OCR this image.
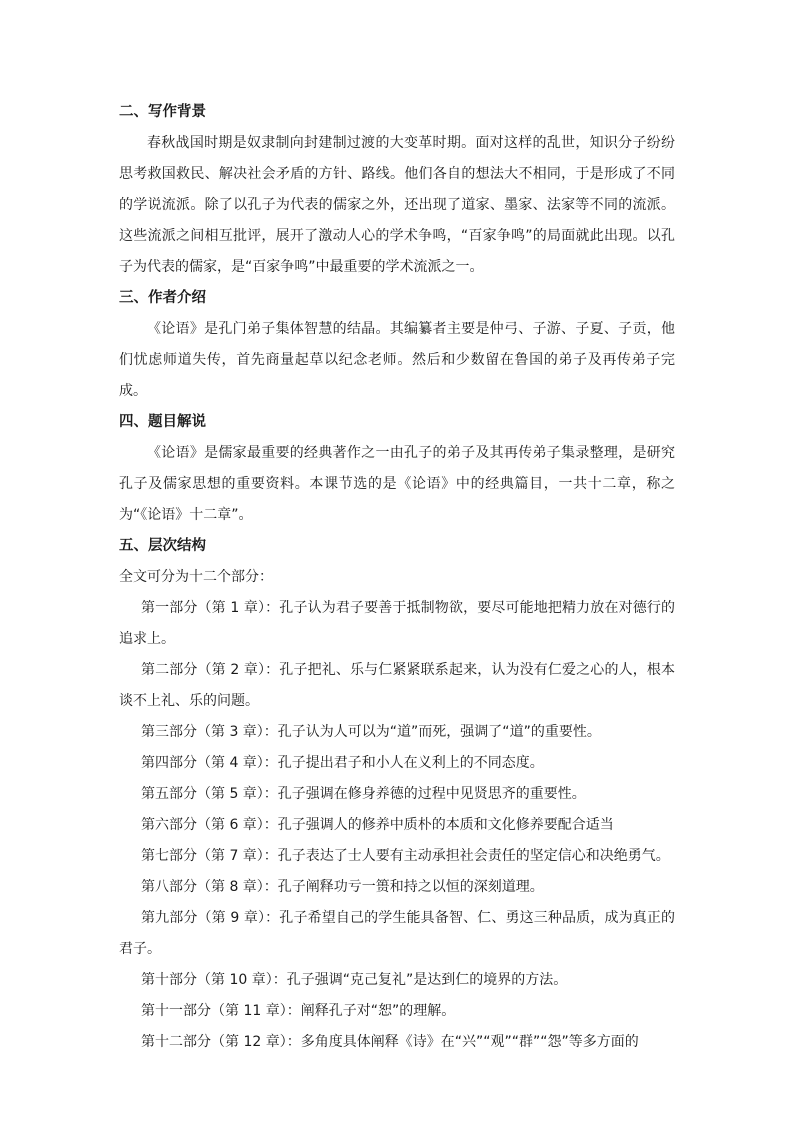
二、写作背景

春秋战国时期是奴隶制向封建制过渡的大变革时期。面对这样的乱世，知识分子纷纷思考救国救民、解决社会矛盾的方针、路线。他们各自的想法大不相同，于是形成了不同的学说流派。除了以孔子为代表的儒家之外，还出现了道家、墨家、法家等不同的流派。这些流派之间相互批评，展开了激动人心的学术争鸣，“百家争鸣”的局面就此出现。以孔子为代表的儒家，是“百家争鸣”中最重要的学术流派之一。

三、作者介绍

《论语》是孔门弟子集体智慧的结晶。其编纂者主要是仲弓、子游、子夏、子贡，他们忧虑师道失传，首先商量起草以纪念老师。然后和少数留在鲁国的弟子及再传弟子完成。

四、题目解说

《论语》是儒家最重要的经典著作之一由孔子的弟子及其再传弟子集录整理，是研究孔子及儒家思想的重要资料。本课节选的是《论语》中的经典篇目，一共十二章，称之为“《论语》十二章”。

五、层次结构

全文可分为十二个部分：

第一部分（第 1 章）：孔子认为君子要善于抵制物欲，要尽可能地把精力放在对德行的追求上。

第二部分（第 2 章）：孔子把礼、乐与仁紧紧联系起来，认为没有仁爱之心的人，根本谈不上礼、乐的问题。

第三部分（第 3 章）：孔子认为人可以为“道”而死，强调了“道”的重要性。

第四部分（第 4 章）：孔子提出君子和小人在义利上的不同态度。

第五部分（第 5 章）：孔子强调在修身养德的过程中见贤思齐的重要性。

第六部分（第 6 章）：孔子强调人的修养中质朴的本质和文化修养要配合适当

第七部分（第 7 章）：孔子表达了士人要有主动承担社会责任的坚定信心和决绝勇气。

第八部分（第 8 章）：孔子阐释功亏一篑和持之以恒的深刻道理。

第九部分（第 9 章）：孔子希望自己的学生能具备智、仁、勇这三种品质，成为真正的君子。

第十部分（第 10 章）：孔子强调“克己复礼”是达到仁的境界的方法。

第十一部分（第 11 章）：阐释孔子对“恕”的理解。

第十二部分（第 12 章）：多角度具体阐释《诗》在“兴”“观”“群”“怨”等多方面的
